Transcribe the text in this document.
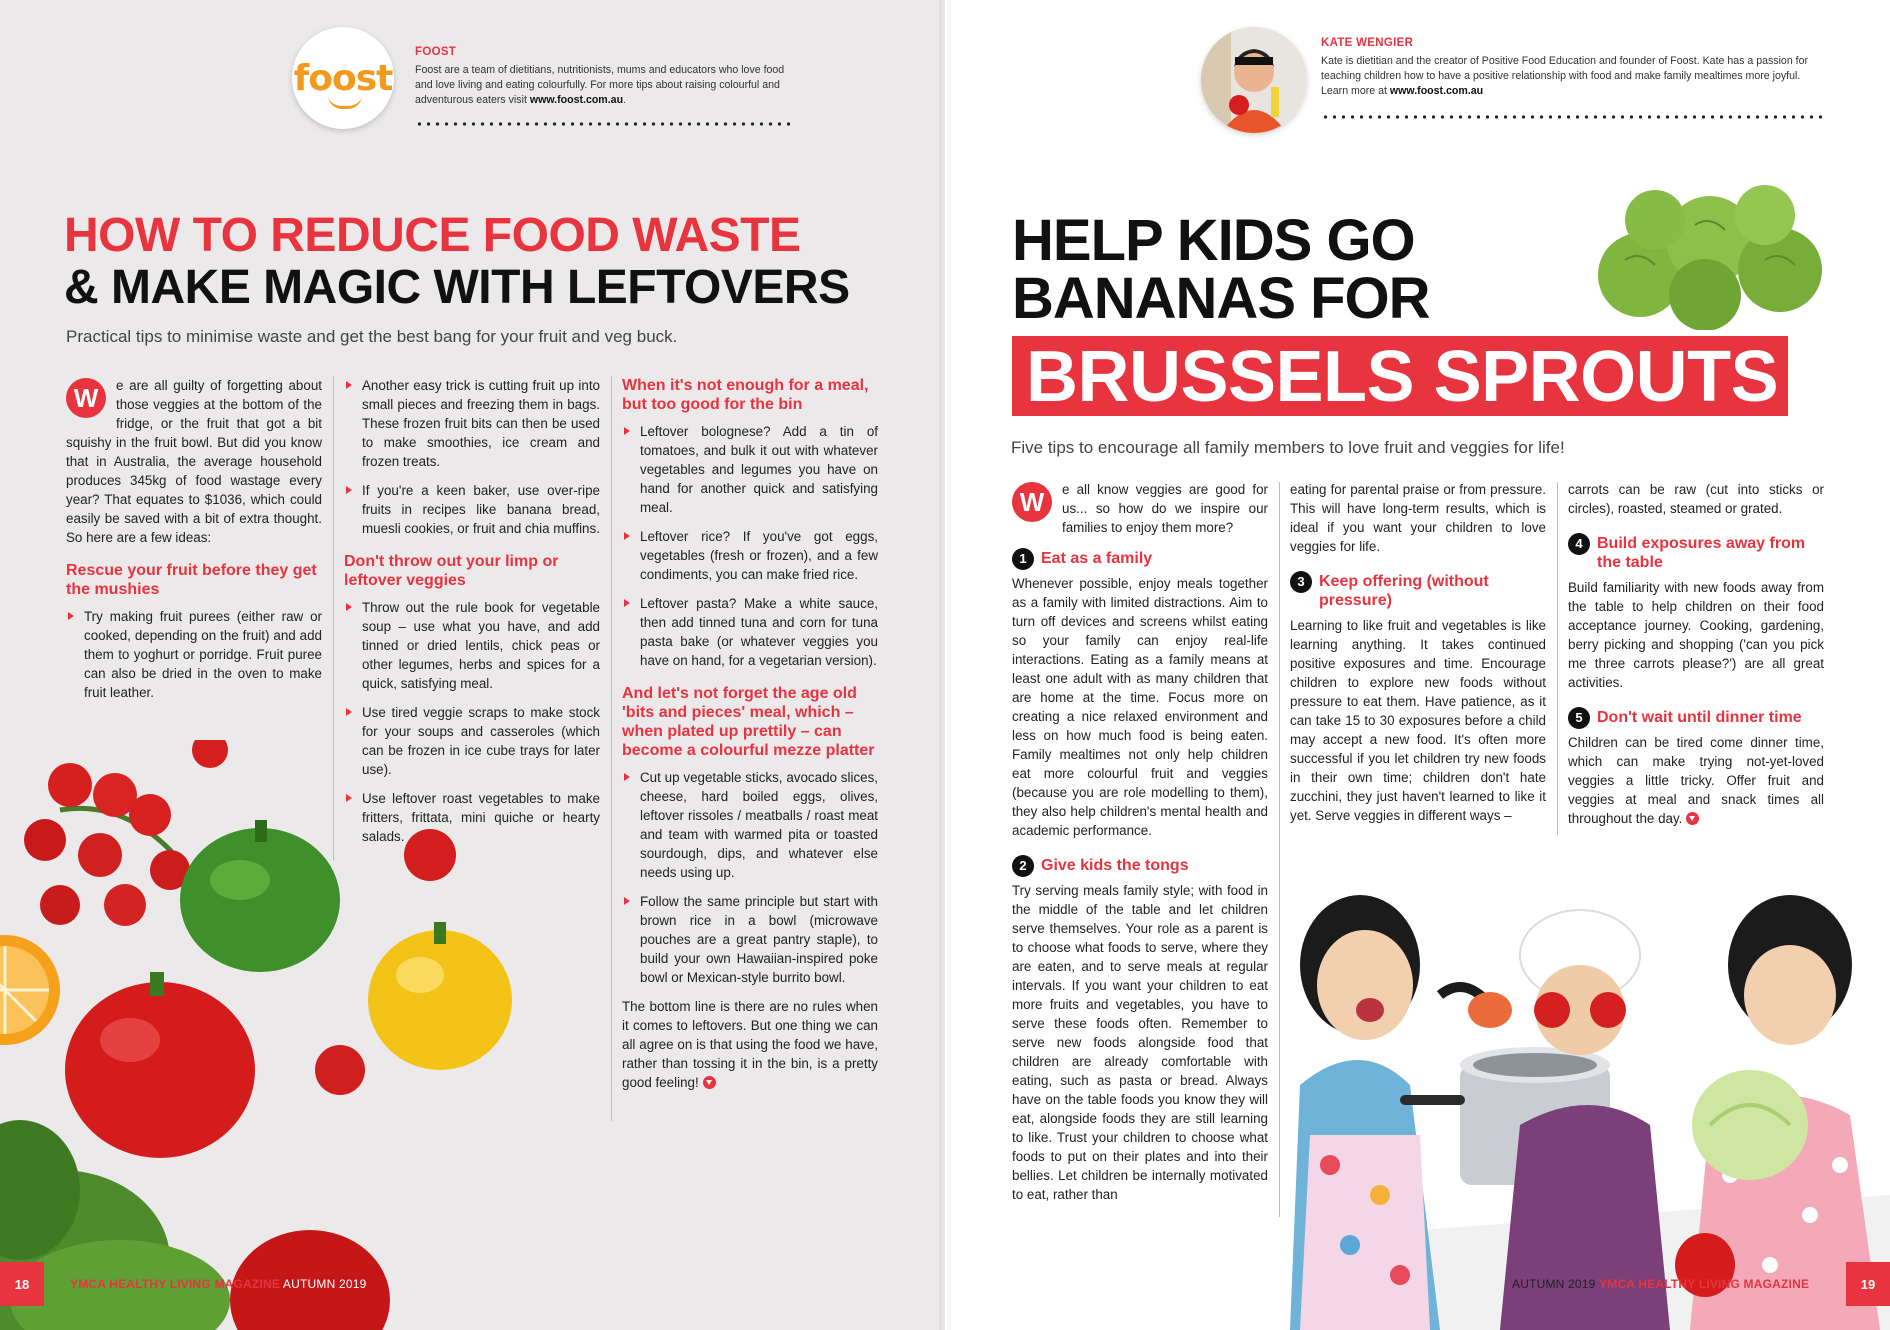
foost
FOOST
Foost are a team of dietitians, nutritionists, mums and educators who love food and love living and eating colourfully. For more tips about raising colourful and adventurous eaters visit www.foost.com.au.
HOW TO REDUCE FOOD WASTE
& MAKE MAGIC WITH LEFTOVERS

Practical tips to minimise waste and get the best bang for your fruit and veg buck.

W	e are all guilty of forgetting about those veggies at the bottom of the fridge, or the fruit that got a bit squishy in the fruit bowl. But did you know that in Australia, the average household produces 345kg of food wastage every year? That equates to $1036, which could easily be saved with a bit of extra thought. So here are a few ideas:

Rescue your fruit before they get the mushies
Try making fruit purees (either raw or cooked, depending on the fruit) and add them to yoghurt or porridge. Fruit puree can also be dried in the oven to make fruit leather.
Another easy trick is cutting fruit up into small pieces and freezing them in bags. These frozen fruit bits can then be used to make smoothies, ice cream and frozen treats.
If you're a keen baker, use over-ripe fruits in recipes like banana bread, muesli cookies, or fruit and chia muffins.
Don't throw out your limp or leftover veggies
Throw out the rule book for vegetable soup – use what you have, and add tinned or dried lentils, chick peas or other legumes, herbs and spices for a quick, satisfying meal.
Use tired veggie scraps to make stock for your soups and casseroles (which can be frozen in ice cube trays for later use).
Use leftover roast vegetables to make fritters, frittata, mini quiche or hearty salads.
When it's not enough for a meal, but too good for the bin
Leftover bolognese? Add a tin of tomatoes, and bulk it out with whatever vegetables and legumes you have on hand for another quick and satisfying meal.
Leftover rice? If you've got eggs, vegetables (fresh or frozen), and a few condiments, you can make fried rice.
Leftover pasta? Make a white sauce, then add tinned tuna and corn for tuna pasta bake (or whatever veggies you have on hand, for a vegetarian version).
And let's not forget the age old 'bits and pieces' meal, which – when plated up prettily – can become a colourful mezze platter
Cut up vegetable sticks, avocado slices, cheese, hard boiled eggs, olives, leftover rissoles / meatballs / roast meat and team with warmed pita or toasted sourdough, dips, and whatever else needs using up.
Follow the same principle but start with brown rice in a bowl (microwave pouches are a great pantry staple), to build your own Hawaiian-inspired poke bowl or Mexican-style burrito bowl.

The bottom line is there are no rules when it comes to leftovers. But one thing we can all agree on is that using the food we have, rather than tossing it in the bin, is a pretty good feeling!

18	YMCA HEALTHY LIVING MAGAZINE AUTUMN 2019
KATE WENGIER
Kate is dietitian and the creator of Positive Food Education and founder of Foost. Kate has a passion for teaching children how to have a positive relationship with food and make family mealtimes more joyful. Learn more at www.foost.com.au
HELP KIDS GO
BANANAS FOR
BRUSSELS SPROUTS

Five tips to encourage all family members to love fruit and veggies for life!

W	e all know veggies are good for us... so how do we inspire our families to enjoy them more?

1 Eat as a family

Whenever possible, enjoy meals together as a family with limited distractions. Aim to turn off devices and screens whilst eating so your family can enjoy real-life interactions. Eating as a family means at least one adult with as many children that are home at the time. Focus more on creating a nice relaxed environment and less on how much food is being eaten. Family mealtimes not only help children eat more colourful fruit and veggies (because you are role modelling to them), they also help children's mental health and academic performance.

2 Give kids the tongs

Try serving meals family style; with food in the middle of the table and let children serve themselves. Your role as a parent is to choose what foods to serve, where they are eaten, and to serve meals at regular intervals. If you want your children to eat more fruits and vegetables, you have to serve these foods often. Remember to serve new foods alongside food that children are already comfortable with eating, such as pasta or bread. Always have on the table foods you know they will eat, alongside foods they are still learning to like. Trust your children to choose what foods to put on their plates and into their bellies. Let children be internally motivated to eat, rather than

eating for parental praise or from pressure. This will have long-term results, which is ideal if you want your children to love veggies for life.

3 Keep offering (without pressure)

Learning to like fruit and vegetables is like learning anything. It takes continued positive exposures and time. Encourage children to explore new foods without pressure to eat them. Have patience, as it can take 15 to 30 exposures before a child may accept a new food. It's often more successful if you let children try new foods in their own time; children don't hate zucchini, they just haven't learned to like it yet. Serve veggies in different ways –

carrots can be raw (cut into sticks or circles), roasted, steamed or grated.

4 Build exposures away from the table

Build familiarity with new foods away from the table to help children on their food acceptance journey. Cooking, gardening, berry picking and shopping ('can you pick me three carrots please?') are all great activities.

5 Don't wait until dinner time

Children can be tired come dinner time, which can make trying not-yet-loved veggies a little tricky. Offer fruit and veggies at meal and snack times all throughout the day.

AUTUMN 2019 YMCA HEALTHY LIVING MAGAZINE	19
